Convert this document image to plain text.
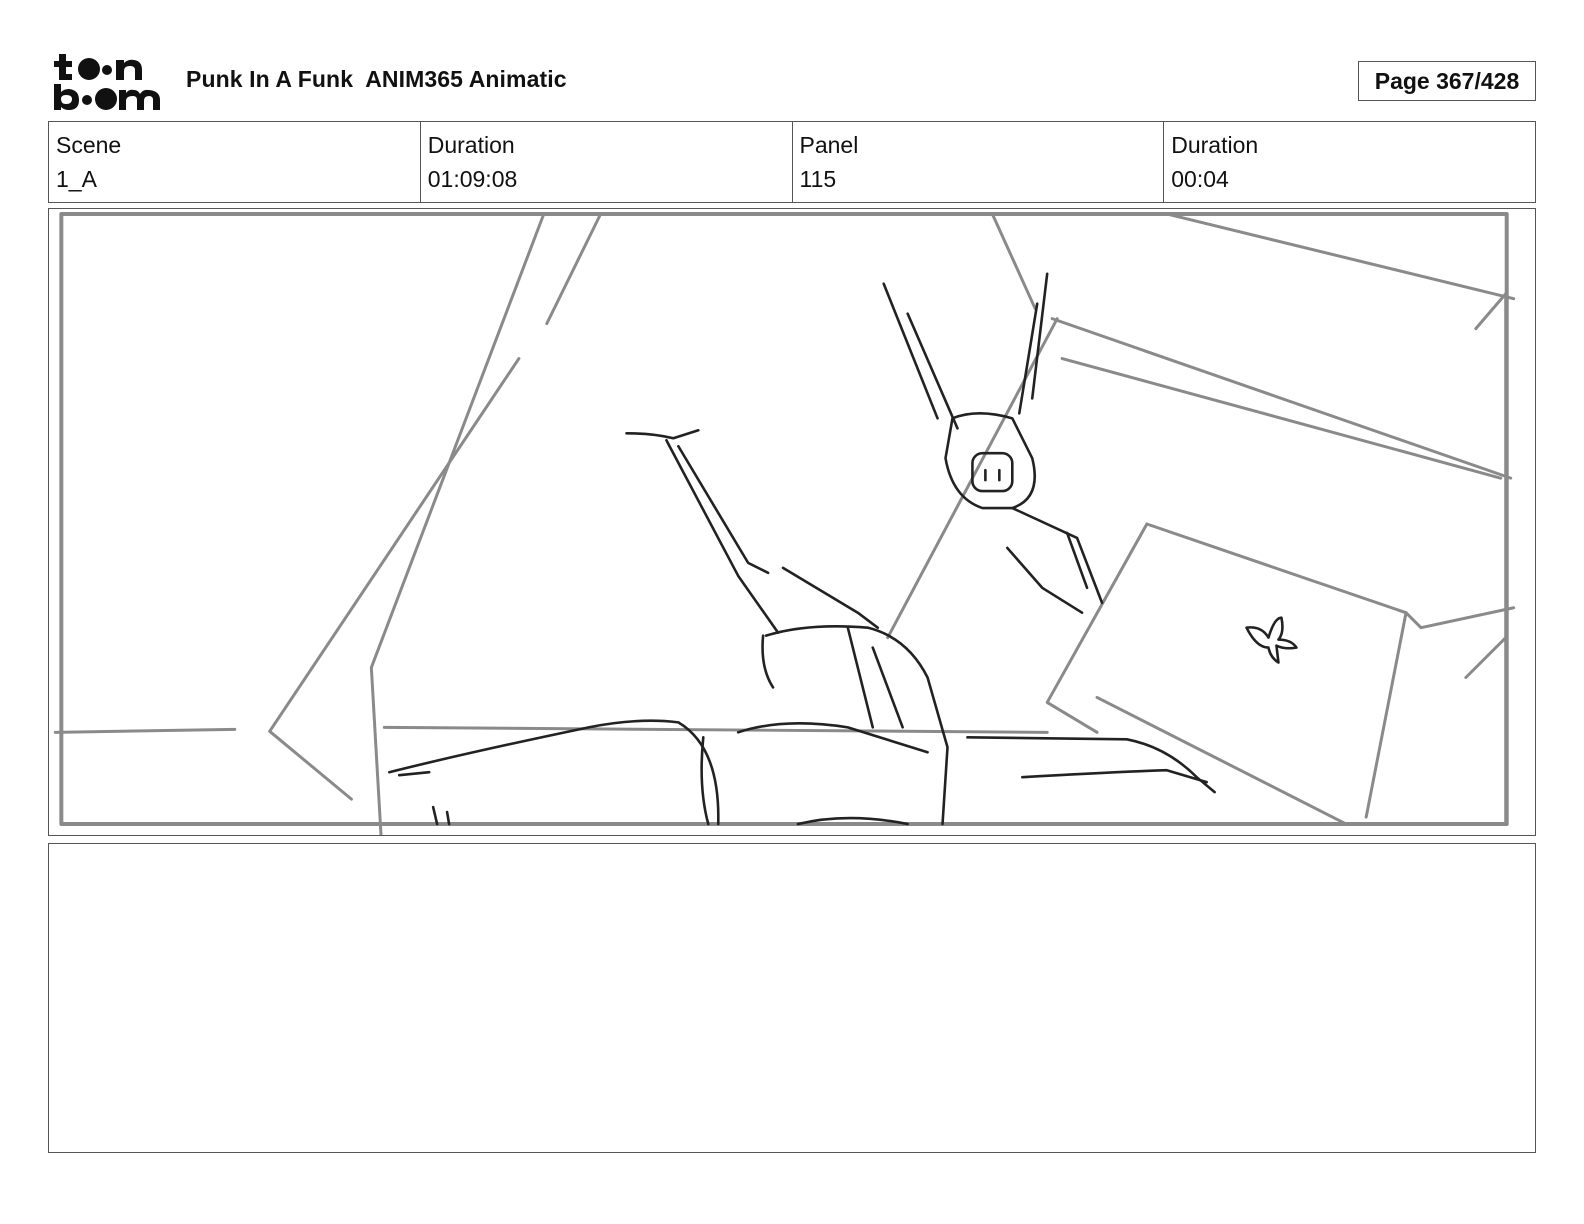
Punk In A Funk  ANIM365 Animatic	Page 367/428
Scene
1_A
Duration
01:09:08
Panel
115
Duration
00:04
